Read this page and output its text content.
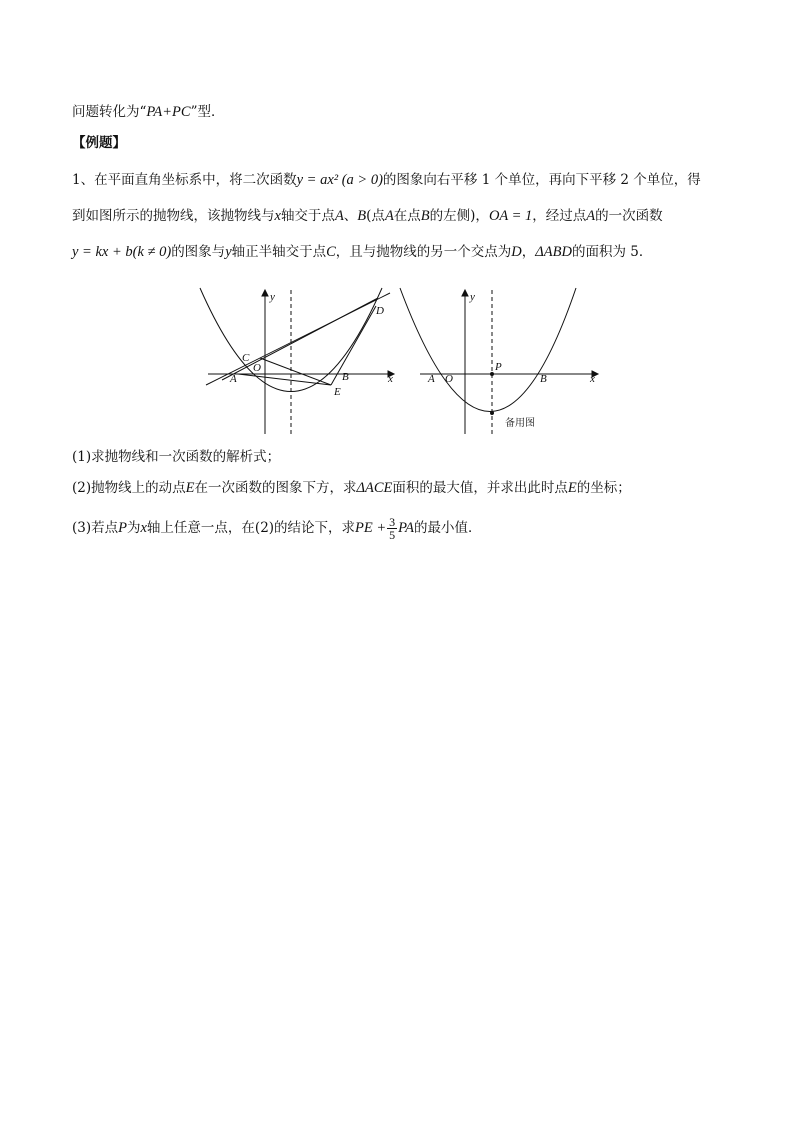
问题转化为“PA+PC”型．
【例题】
1、在平面直角坐标系中，将二次函数y = ax² (a > 0)的图象向右平移 1 个单位，再向下平移 2 个单位，得
到如图所示的抛物线，该抛物线与x轴交于点A、B(点A在点B的左侧)，OA = 1，经过点A的一次函数
y = kx + b(k ≠ 0)的图象与y轴正半轴交于点C，且与抛物线的另一个交点为D，ΔABD的面积为 5．
y
C
O
A	B
E
D
x
y
P
A O	B	x
备用图
(1)求抛物线和一次函数的解析式；
(2)抛物线上的动点E在一次函数的图象下方，求ΔACE面积的最大值，并求出此时点E的坐标；
(3)若点P为x轴上任意一点，在(2)的结论下，求PE + $\frac{3}{5}$ PA的最小值．
